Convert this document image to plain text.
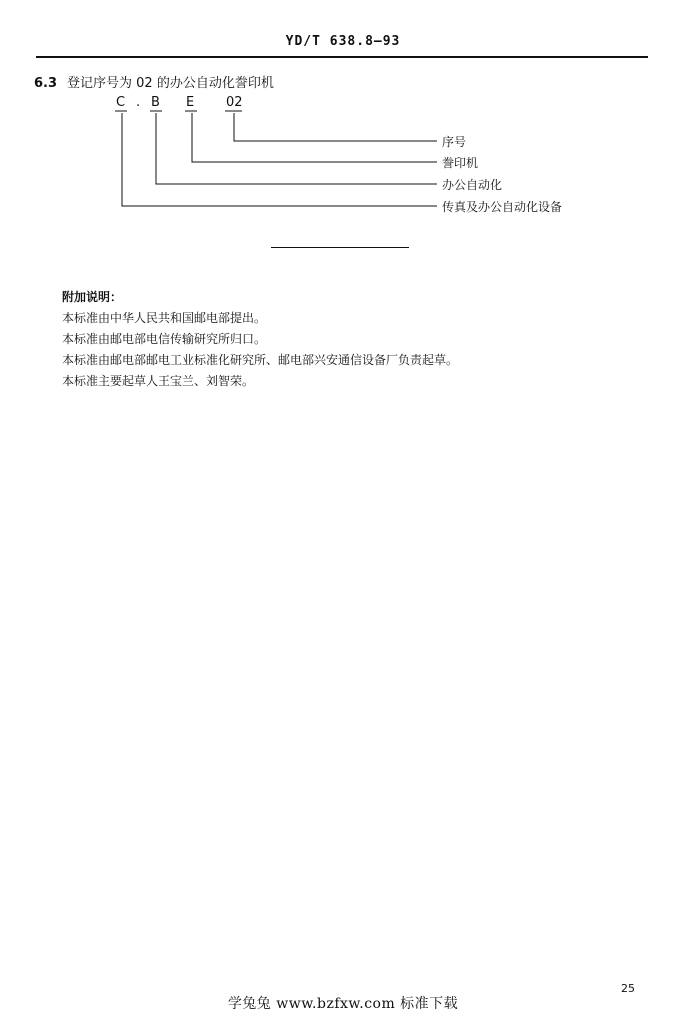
YD/T 638.8—93
6.3 登记序号为 02 的办公自动化誊印机
C . B E 02
序号
誊印机
办公自动化
传真及办公自动化设备
附加说明：
本标准由中华人民共和国邮电部提出。
本标准由邮电部电信传输研究所归口。
本标准由邮电部邮电工业标准化研究所、邮电部兴安通信设备厂负责起草。
本标准主要起草人王宝兰、刘智荣。
25
学兔兔 www.bzfxw.com 标准下载
